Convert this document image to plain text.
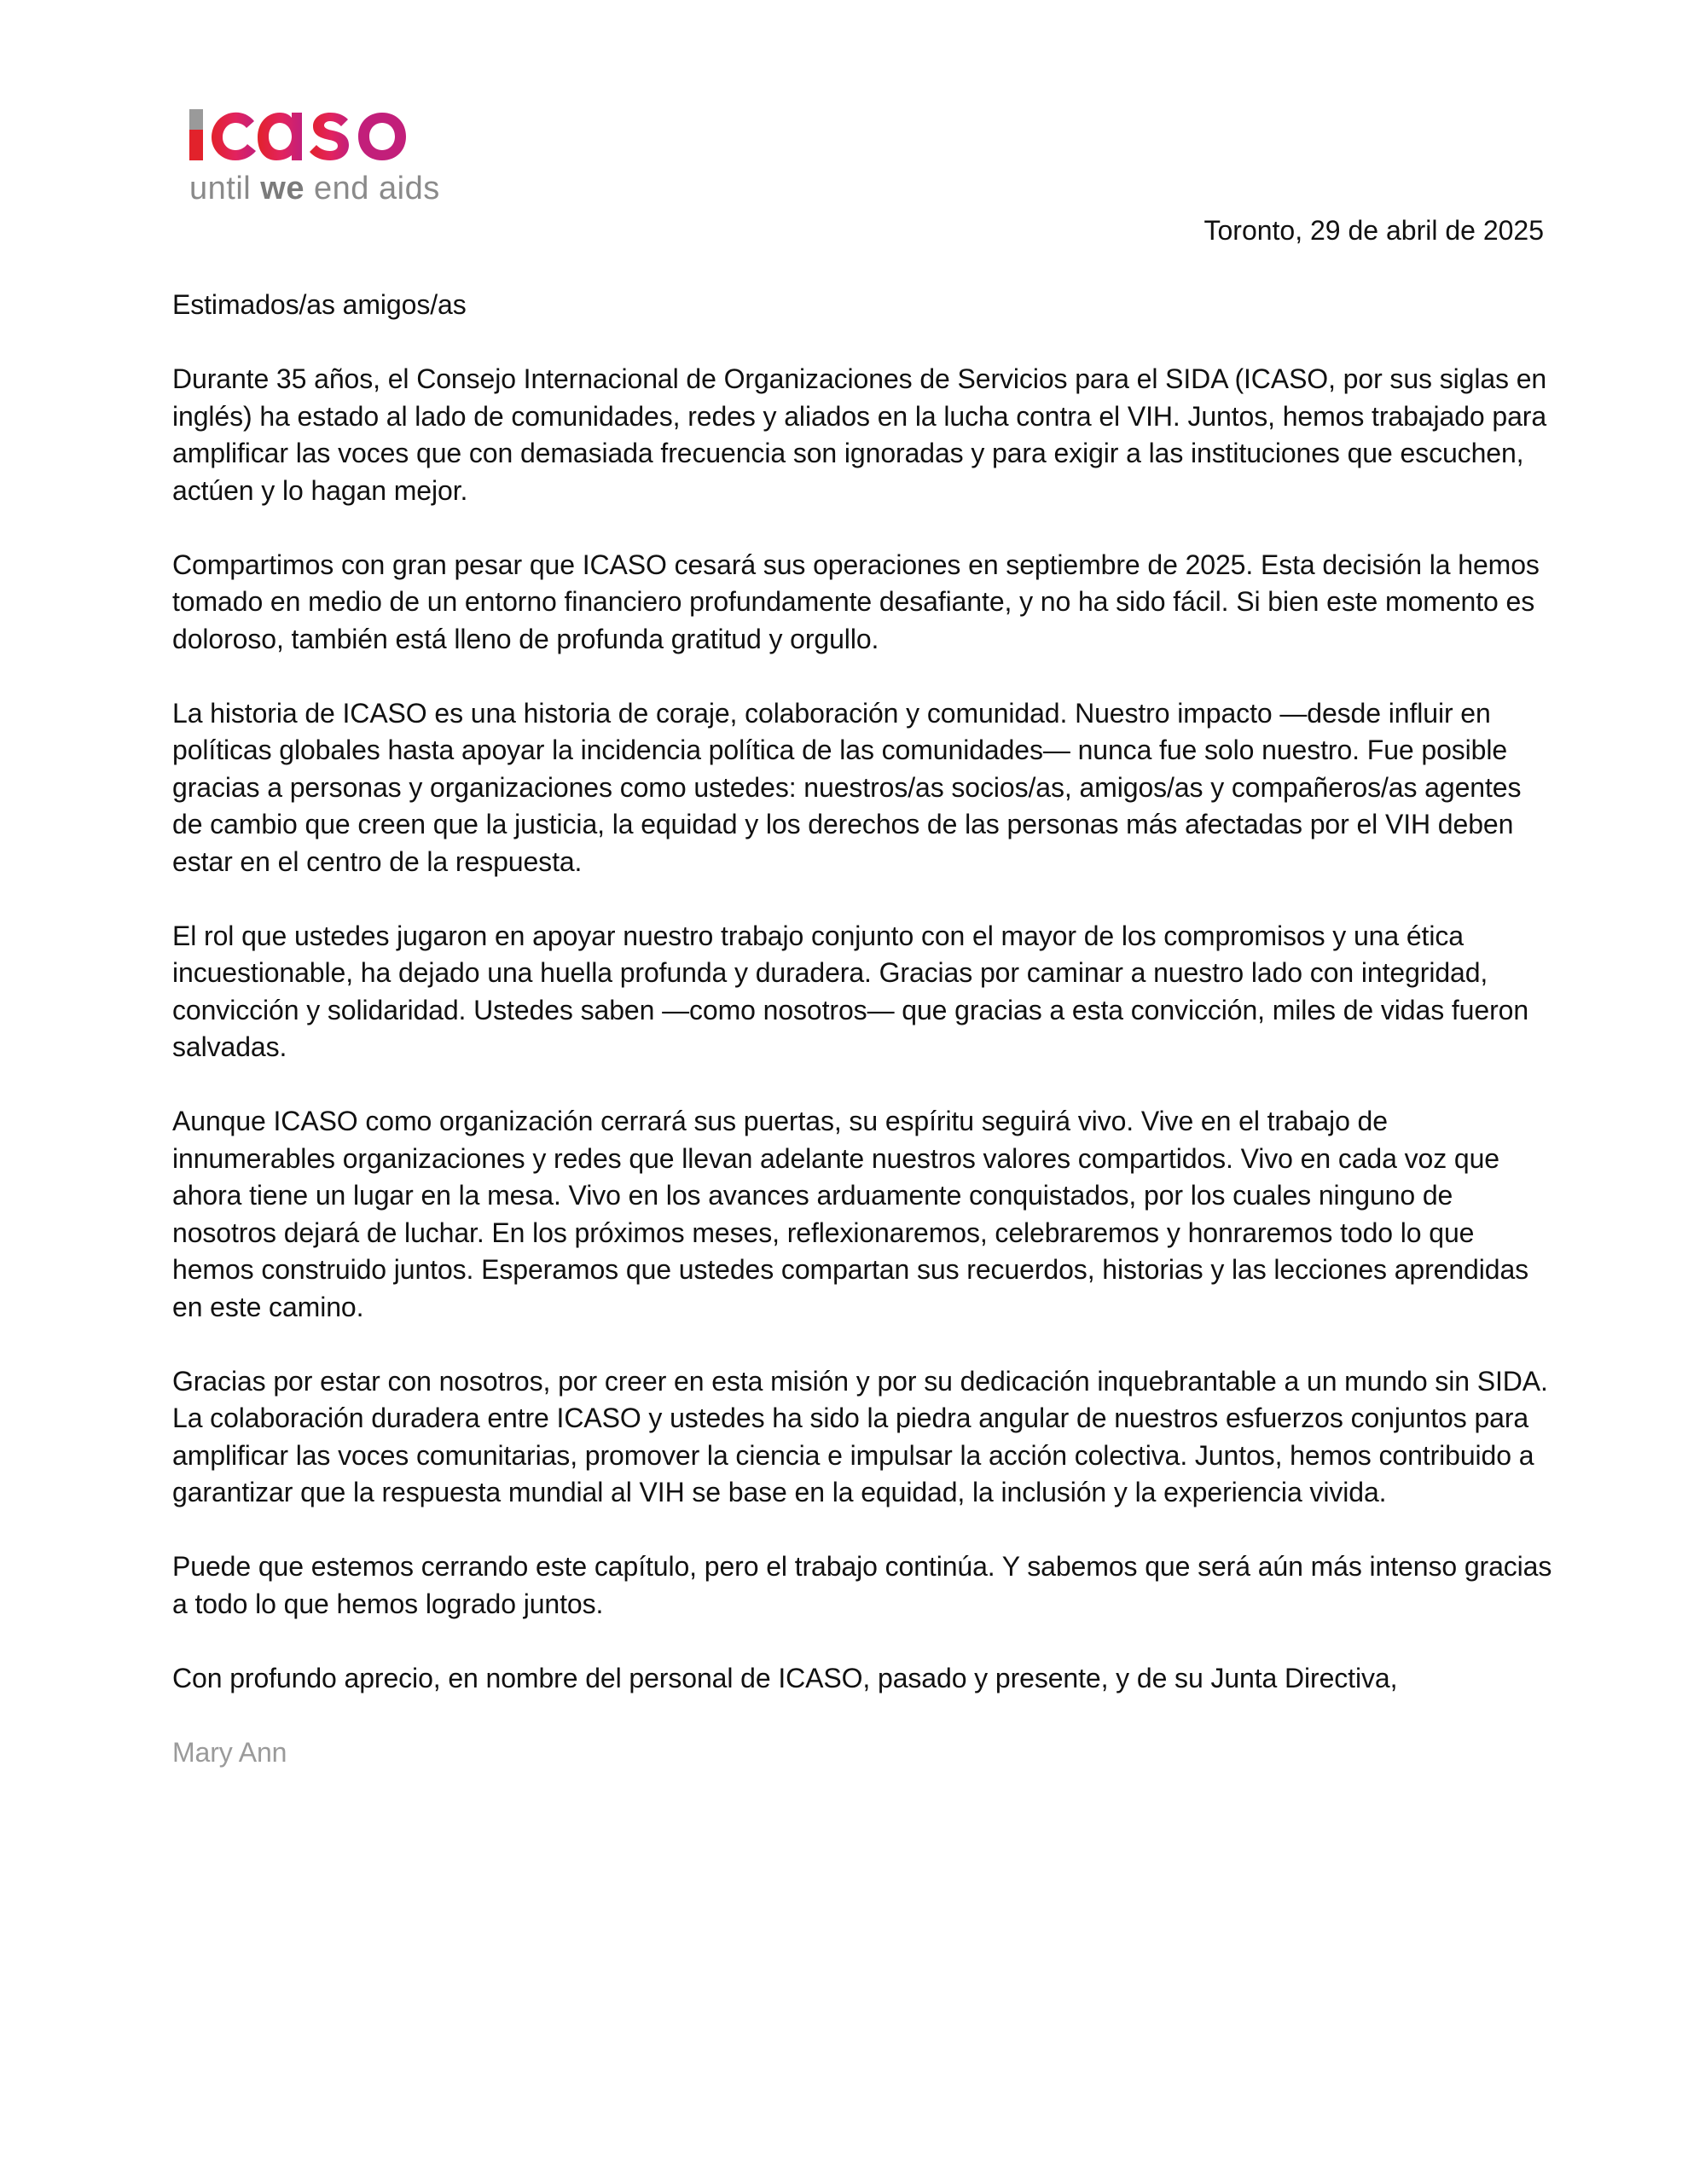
until we end aids
Toronto, 29 de abril de 2025

Estimados/as amigos/as

Durante 35 años, el Consejo Internacional de Organizaciones de Servicios para el SIDA (ICASO, por sus siglas en inglés) ha estado al lado de comunidades, redes y aliados en la lucha contra el VIH. Juntos, hemos trabajado para amplificar las voces que con demasiada frecuencia son ignoradas y para exigir a las instituciones que escuchen, actúen y lo hagan mejor.

Compartimos con gran pesar que ICASO cesará sus operaciones en septiembre de 2025. Esta decisión la hemos tomado en medio de un entorno financiero profundamente desafiante, y no ha sido fácil. Si bien este momento es doloroso, también está lleno de profunda gratitud y orgullo.

La historia de ICASO es una historia de coraje, colaboración y comunidad. Nuestro impacto —desde influir en políticas globales hasta apoyar la incidencia política de las comunidades— nunca fue solo nuestro. Fue posible gracias a personas y organizaciones como ustedes: nuestros/as socios/as, amigos/as y compañeros/as agentes de cambio que creen que la justicia, la equidad y los derechos de las personas más afectadas por el VIH deben estar en el centro de la respuesta.

El rol que ustedes jugaron en apoyar nuestro trabajo conjunto con el mayor de los compromisos y una ética incuestionable, ha dejado una huella profunda y duradera. Gracias por caminar a nuestro lado con integridad, convicción y solidaridad. Ustedes saben —como nosotros— que gracias a esta convicción, miles de vidas fueron salvadas.

Aunque ICASO como organización cerrará sus puertas, su espíritu seguirá vivo. Vive en el trabajo de innumerables organizaciones y redes que llevan adelante nuestros valores compartidos. Vivo en cada voz que ahora tiene un lugar en la mesa. Vivo en los avances arduamente conquistados, por los cuales ninguno de nosotros dejará de luchar. En los próximos meses, reflexionaremos, celebraremos y honraremos todo lo que hemos construido juntos. Esperamos que ustedes compartan sus recuerdos, historias y las lecciones aprendidas en este camino.

Gracias por estar con nosotros, por creer en esta misión y por su dedicación inquebrantable a un mundo sin SIDA. La colaboración duradera entre ICASO y ustedes ha sido la piedra angular de nuestros esfuerzos conjuntos para amplificar las voces comunitarias, promover la ciencia e impulsar la acción colectiva. Juntos, hemos contribuido a garantizar que la respuesta mundial al VIH se base en la equidad, la inclusión y la experiencia vivida.

Puede que estemos cerrando este capítulo, pero el trabajo continúa. Y sabemos que será aún más intenso gracias a todo lo que hemos logrado juntos.

Con profundo aprecio, en nombre del personal de ICASO, pasado y presente, y de su Junta Directiva,

Mary Ann
